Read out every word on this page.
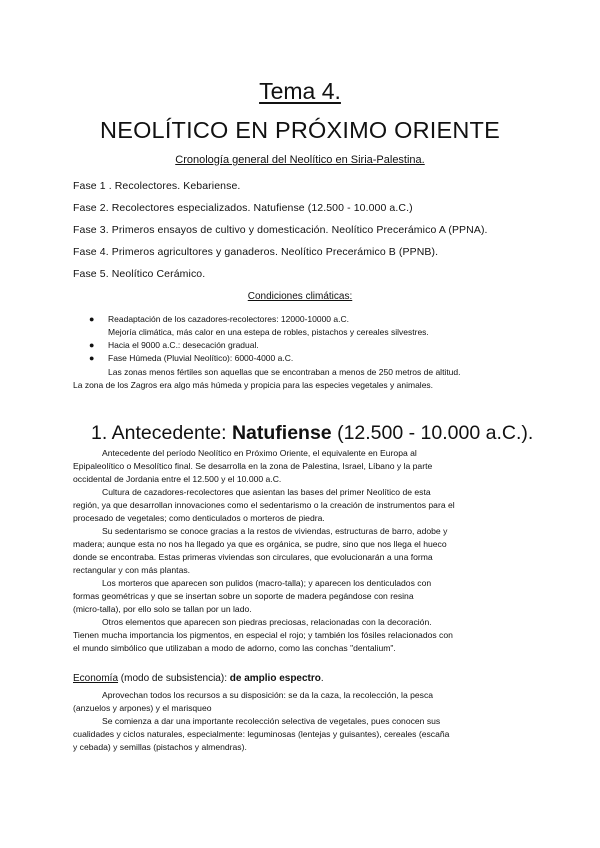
Tema 4.
NEOLÍTICO EN PRÓXIMO ORIENTE
Cronología general del Neolítico en Siria-Palestina.
Fase 1 . Recolectores. Kebariense.
Fase 2. Recolectores especializados. Natufiense (12.500 - 10.000 a.C.)
Fase 3. Primeros ensayos de cultivo y domesticación. Neolítico Precerámico A (PPNA).
Fase 4. Primeros agricultores y ganaderos. Neolítico Precerámico B (PPNB).
Fase 5. Neolítico Cerámico.
Condiciones climáticas:
● Readaptación de los cazadores-recolectores: 12000-10000 a.C.
Mejoría climática, más calor en una estepa de robles, pistachos y cereales silvestres.
● Hacia el 9000 a.C.: desecación gradual.
● Fase Húmeda (Pluvial Neolítico): 6000-4000 a.C.
Las zonas menos fértiles son aquellas que se encontraban a menos de 250 metros de altitud.
La zona de los Zagros era algo más húmeda y propicia para las especies vegetales y animales.
1. Antecedente: Natufiense (12.500 - 10.000 a.C.).
Antecedente del período Neolítico en Próximo Oriente, el equivalente en Europa al
Epipaleolítico o Mesolítico final. Se desarrolla en la zona de Palestina, Israel, Líbano y la parte
occidental de Jordania entre el 12.500 y el 10.000 a.C.
Cultura de cazadores-recolectores que asientan las bases del primer Neolítico de esta
región, ya que desarrollan innovaciones como el sedentarismo o la creación de instrumentos para el
procesado de vegetales; como denticulados o morteros de piedra.
Su sedentarismo se conoce gracias a la restos de viviendas, estructuras de barro, adobe y
madera; aunque esta no nos ha llegado ya que es orgánica, se pudre, sino que nos llega el hueco
donde se encontraba. Estas primeras viviendas son circulares, que evolucionarán a una forma
rectangular y con más plantas.
Los morteros que aparecen son pulidos (macro-talla); y aparecen los denticulados con
formas geométricas y que se insertan sobre un soporte de madera pegándose con resina
(micro-talla), por ello solo se tallan por un lado.
Otros elementos que aparecen son piedras preciosas, relacionadas con la decoración.
Tienen mucha importancia los pigmentos, en especial el rojo; y también los fósiles relacionados con
el mundo simbólico que utilizaban a modo de adorno, como las conchas "dentalium".
Economía (modo de subsistencia): de amplio espectro.
Aprovechan todos los recursos a su disposición: se da la caza, la recolección, la pesca
(anzuelos y arpones) y el marisqueo
Se comienza a dar una importante recolección selectiva de vegetales, pues conocen sus
cualidades y ciclos naturales, especialmente: leguminosas (lentejas y guisantes), cereales (escaña
y cebada) y semillas (pistachos y almendras).
